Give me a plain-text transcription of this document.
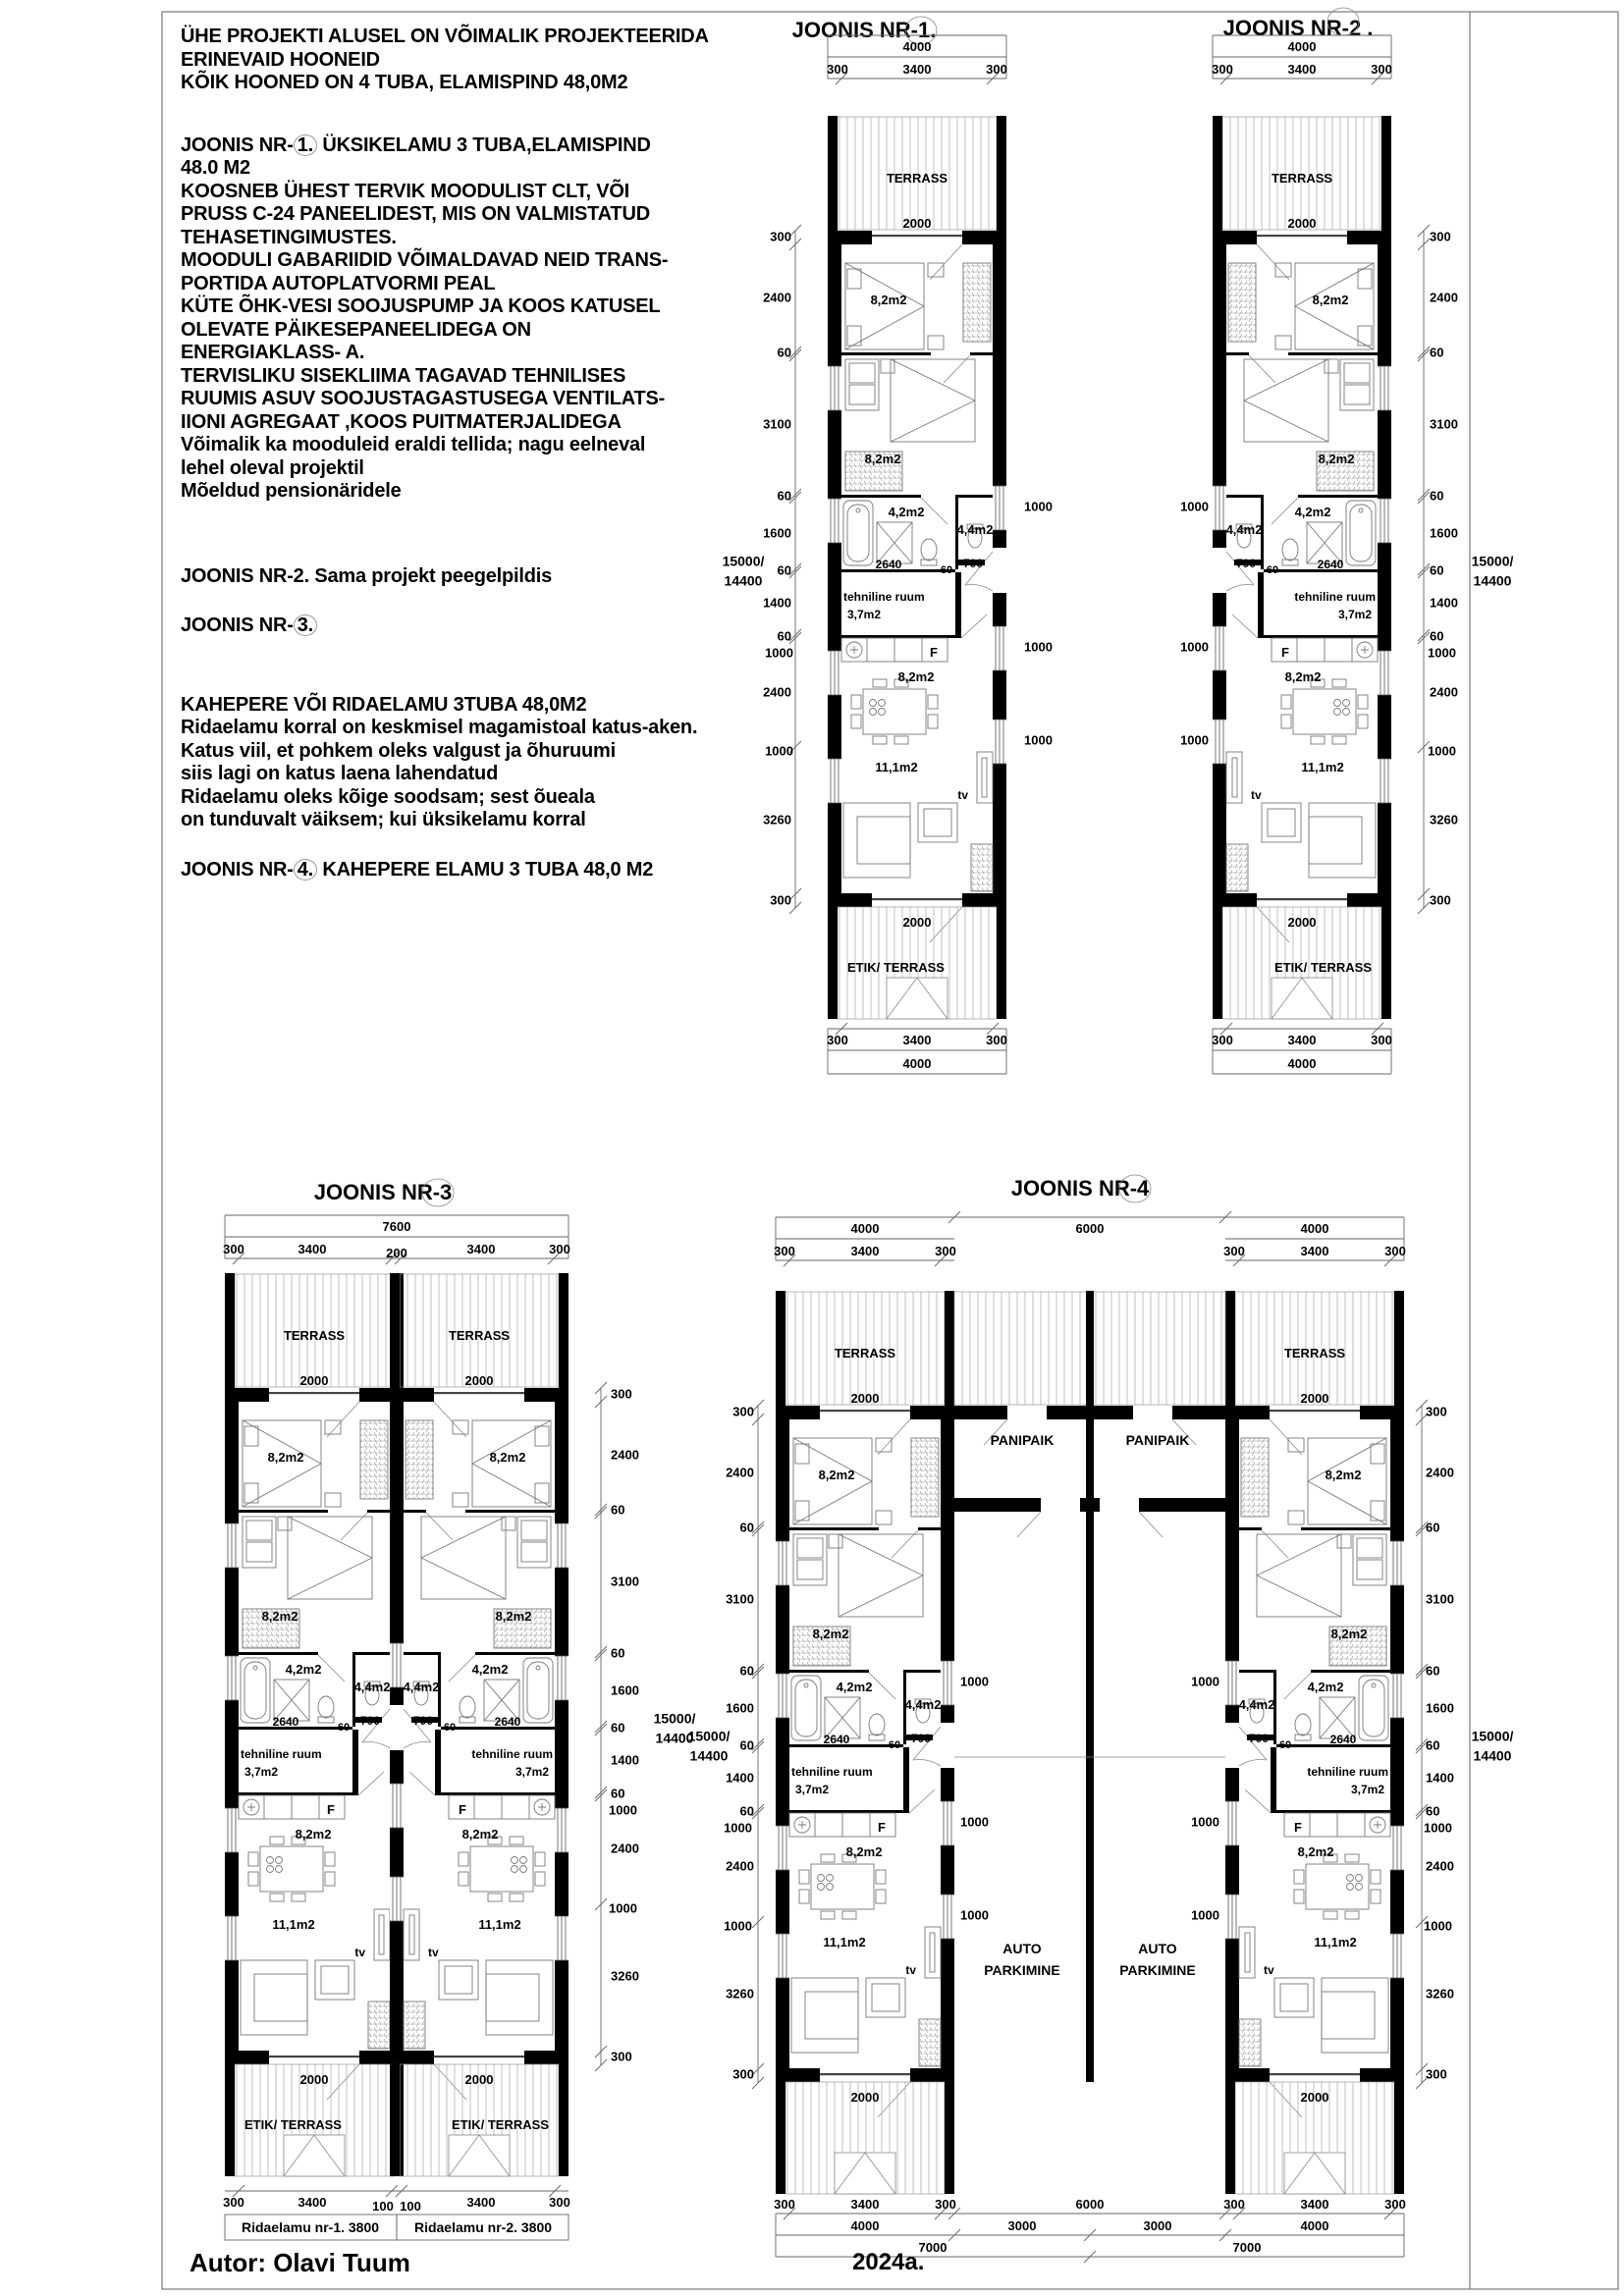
ÜHE PROJEKTI ALUSEL ON VÕIMALIK PROJEKTEERIDA

ERINEVAID HOONEID

KÕIK HOONED ON 4 TUBA, ELAMISPIND 48,0M2

JOONIS NR- 1. ÜKSIKELAMU 3 TUBA,ELAMISPIND

48.0 M2

KOOSNEB ÜHEST TERVIK MOODULIST CLT, VÕI

PRUSS C-24 PANEELIDEST, MIS ON VALMISTATUD

TEHASETINGIMUSTES.

MOODULI GABARIIDID VÕIMALDAVAD NEID TRANS-

PORTIDA AUTOPLATVORMI PEAL

KÜTE ÕHK-VESI SOOJUSPUMP JA KOOS KATUSEL

OLEVATE PÄIKESEPANEELIDEGA ON

ENERGIAKLASS- A.

TERVISLIKU SISEKLIIMA TAGAVAD TEHNILISES

RUUMIS ASUV SOOJUSTAGASTUSEGA VENTILATS-

IIONI AGREGAAT ,KOOS PUITMATERJALIDEGA

Võimalik ka mooduleid eraldi tellida; nagu eelneval

lehel oleval projektil

Mõeldud pensionäridele

JOONIS NR-2. Sama projekt peegelpildis

JOONIS NR- 3.

KAHEPERE VÕI RIDAELAMU 3TUBA 48,0M2

Ridaelamu korral on keskmisel magamistoal katus-aken.

Katus viil, et pohkem oleks valgust ja õhuruumi

siis lagi on katus laena lahendatud

Ridaelamu oleks kõige soodsam; sest õueala

on tunduvalt väiksem; kui üksikelamu korral

JOONIS NR- 4. KAHEPERE ELAMU 3 TUBA 48,0 M2

JOONIS NR-1.
4000
300	3400	300
300	3400	300
4000
TERRASS
2000
8,2m2
8,2m2
4,2m2
4,4m2
2640	60 700
tehniline ruum
3,7m2
F
8,2m2
11,1m2
tv
2000
ETIK/ TERRASS
300
2400
60
3100
60
1600
60
1400
60
1000
2400
1000
3260
300
15000/
14400
1000
1000
1000
JOONIS NR-2 .
4000
300	3400	300
300	3400	300
4000
TERRASS
2000
8,2m2
8,2m2
4,2m2
4,4m2
2640
60
700
tehniline ruum
3,7m2
F
8,2m2
11,1m2
tv
2000
ETIK/ TERRASS
300
2400
60
3100
60
1600
60
1400
60
1000
2400
1000
3260
300
15000/
14400
1000
1000
1000
JOONIS NR-3
7600
300	3400	200	3400	300
TERRASS
2000
8,2m2
8,2m2
4,2m2
4,4m2
2640	60 700
tehniline ruum
3,7m2
F
8,2m2
11,1m2
tv
2000
ETIK/ TERRASS
TERRASS
2000
8,2m2
8,2m2
4,2m2
4,4m2
2640
60
700
tehniline ruum
3,7m2
F
8,2m2
11,1m2
tv
2000
ETIK/ TERRASS
300
2400
60
3100
60
1600
60
1400
60
1000
2400
1000
3260
300
15000/
14400
300	3400	100 100	3400	300
Ridaelamu nr-1. 3800	Ridaelamu nr-2. 3800
JOONIS NR-4
PANIPAIK	PANIPAIK
AUTO
PARKIMINE
AUTO
PARKIMINE
1000
1000
1000
1000
1000
1000
4000	6000	4000
300	3400	300	300	3400	300
TERRASS
2000
8,2m2
8,2m2
4,2m2
4,4m2
2640	60 700
tehniline ruum
3,7m2
F
8,2m2
11,1m2
tv
2000
TERRASS
2000
8,2m2
8,2m2
4,2m2
4,4m2
2640
60
700
tehniline ruum
3,7m2
F
8,2m2
11,1m2
tv
2000
300
2400
60
3100
60
1600
60
1400
60
1000
2400
1000
3260
300
15000/
14400
300
2400
60
3100
60
1600
60
1400
60
1000
2400
1000
3260
300
15000/
14400
300	3400	300	6000	300	3400	300
4000	3000	3000	4000
7000	7000
Autor: Olavi Tuum	2024a.
